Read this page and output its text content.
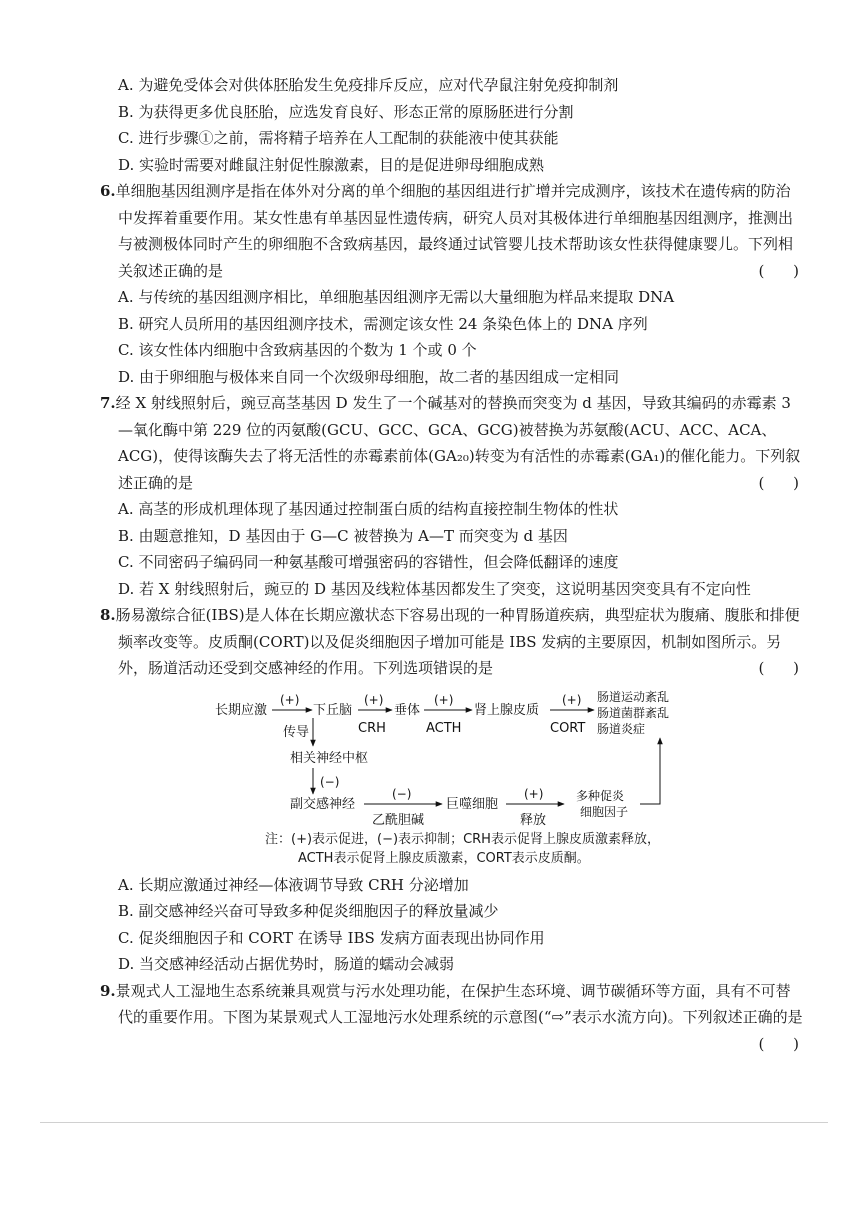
A. 为避免受体会对供体胚胎发生免疫排斥反应，应对代孕鼠注射免疫抑制剂
B. 为获得更多优良胚胎，应选发育良好、形态正常的原肠胚进行分割
C. 进行步骤①之前，需将精子培养在人工配制的获能液中使其获能
D. 实验时需要对雌鼠注射促性腺激素，目的是促进卵母细胞成熟
6.单细胞基因组测序是指在体外对分离的单个细胞的基因组进行扩增并完成测序，该技术在遗传病的防治中发挥着重要作用。某女性患有单基因显性遗传病，研究人员对其极体进行单细胞基因组测序，推测出与被测极体同时产生的卵细胞不含致病基因，最终通过试管婴儿技术帮助该女性获得健康婴儿。下列相关叙述正确的是	( )
A. 与传统的基因组测序相比，单细胞基因组测序无需以大量细胞为样品来提取 DNA
B. 研究人员所用的基因组测序技术，需测定该女性 24 条染色体上的 DNA 序列
C. 该女性体内细胞中含致病基因的个数为 1 个或 0 个
D. 由于卵细胞与极体来自同一个次级卵母细胞，故二者的基因组成一定相同
7.经 X 射线照射后，豌豆高茎基因 D 发生了一个碱基对的替换而突变为 d 基因，导致其编码的赤霉素 3—氧化酶中第 229 位的丙氨酸(GCU、GCC、GCA、GCG)被替换为苏氨酸(ACU、ACC、ACA、ACG)，使得该酶失去了将无活性的赤霉素前体(GA₂₀)转变为有活性的赤霉素(GA₁)的催化能力。下列叙述正确的是	( )
A. 高茎的形成机理体现了基因通过控制蛋白质的结构直接控制生物体的性状
B. 由题意推知，D 基因由于 G—C 被替换为 A—T 而突变为 d 基因
C. 不同密码子编码同一种氨基酸可增强密码的容错性，但会降低翻译的速度
D. 若 X 射线照射后，豌豆的 D 基因及线粒体基因都发生了突变，这说明基因突变具有不定向性
8.肠易激综合征(IBS)是人体在长期应激状态下容易出现的一种胃肠道疾病，典型症状为腹痛、腹胀和排便频率改变等。皮质酮(CORT)以及促炎细胞因子增加可能是 IBS 发病的主要原因，机制如图所示。另外，肠道活动还受到交感神经的作用。下列选项错误的是	( )
长期应激
(+)
下丘脑
(+)
CRH
垂体
(+)
ACTH
肾上腺皮质
(+)
CORT
肠道运动紊乱
肠道菌群紊乱
肠道炎症
传导
相关神经中枢
(−)
副交感神经
(−)
乙酰胆碱
巨噬细胞
(+)
释放
多种促炎
细胞因子
注：(+)表示促进，(−)表示抑制；CRH表示促肾上腺皮质激素释放，
ACTH表示促肾上腺皮质激素，CORT表示皮质酮。
A. 长期应激通过神经—体液调节导致 CRH 分泌增加
B. 副交感神经兴奋可导致多种促炎细胞因子的释放量减少
C. 促炎细胞因子和 CORT 在诱导 IBS 发病方面表现出协同作用
D. 当交感神经活动占据优势时，肠道的蠕动会减弱
9.景观式人工湿地生态系统兼具观赏与污水处理功能，在保护生态环境、调节碳循环等方面，具有不可替代的重要作用。下图为某景观式人工湿地污水处理系统的示意图(“⇨”表示水流方向)。下列叙述正确的是
( )
